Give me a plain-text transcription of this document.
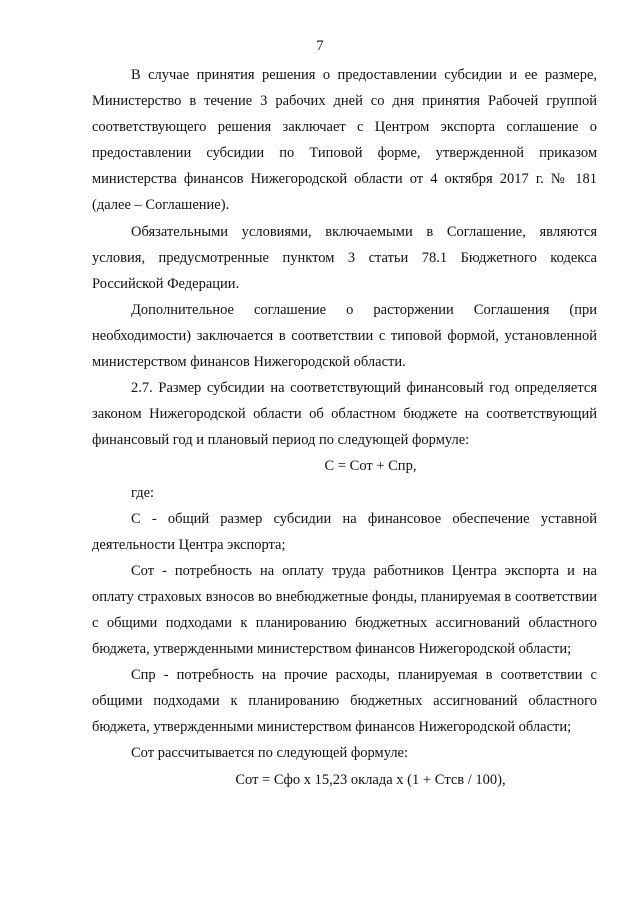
7

В случае принятия решения о предоставлении субсидии и ее размере, Министерство в течение 3 рабочих дней со дня принятия Рабочей группой соответствующего решения заключает с Центром экспорта соглашение о предоставлении субсидии по Типовой форме, утвержденной приказом министерства финансов Нижегородской области от 4 октября 2017 г. № 181 (далее – Соглашение).

Обязательными условиями, включаемыми в Соглашение, являются условия, предусмотренные пунктом 3 статьи 78.1 Бюджетного кодекса Российской Федерации.

Дополнительное соглашение о расторжении Соглашения (при необходимости) заключается в соответствии с типовой формой, установленной министерством финансов Нижегородской области.

2.7. Размер субсидии на соответствующий финансовый год определяется законом Нижегородской области об областном бюджете на соответствующий финансовый год и плановый период по следующей формуле:

С = Сот + Спр,

где:

С - общий размер субсидии на финансовое обеспечение уставной деятельности Центра экспорта;

Сот - потребность на оплату труда работников Центра экспорта и на оплату страховых взносов во внебюджетные фонды, планируемая в соответствии с общими подходами к планированию бюджетных ассигнований областного бюджета, утвержденными министерством финансов Нижегородской области;

Спр - потребность на прочие расходы, планируемая в соответствии с общими подходами к планированию бюджетных ассигнований областного бюджета, утвержденными министерством финансов Нижегородской области;

Сот рассчитывается по следующей формуле:

Сот = Сфо x 15,23 оклада x (1 + Cтсв / 100),
